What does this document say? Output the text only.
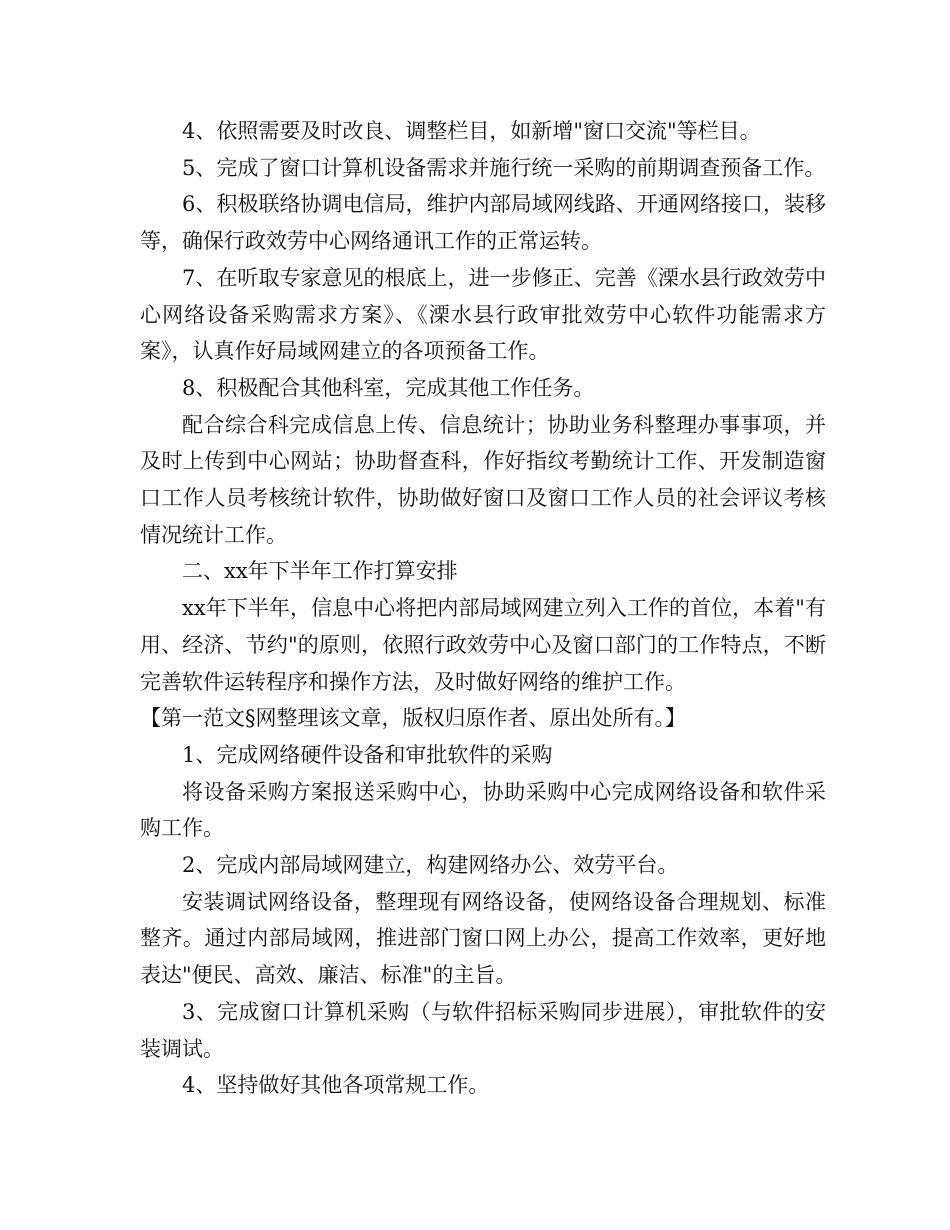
4、依照需要及时改良、调整栏目，如新增"窗口交流"等栏目。

5、完成了窗口计算机设备需求并施行统一采购的前期调查预备工作。

6、积极联络协调电信局，维护内部局域网线路、开通网络接口，装移等，确保行政效劳中心网络通讯工作的正常运转。

7、在听取专家意见的根底上，进一步修正、完善《溧水县行政效劳中心网络设备采购需求方案》、《溧水县行政审批效劳中心软件功能需求方案》，认真作好局域网建立的各项预备工作。

8、积极配合其他科室，完成其他工作任务。

配合综合科完成信息上传、信息统计；协助业务科整理办事事项，并及时上传到中心网站；协助督查科，作好指纹考勤统计工作、开发制造窗口工作人员考核统计软件，协助做好窗口及窗口工作人员的社会评议考核情况统计工作。

二、xx年下半年工作打算安排

xx年下半年，信息中心将把内部局域网建立列入工作的首位，本着"有用、经济、节约"的原则，依照行政效劳中心及窗口部门的工作特点，不断完善软件运转程序和操作方法，及时做好网络的维护工作。

【第一范文§网整理该文章，版权归原作者、原出处所有。】

1、完成网络硬件设备和审批软件的采购

将设备采购方案报送采购中心，协助采购中心完成网络设备和软件采购工作。

2、完成内部局域网建立，构建网络办公、效劳平台。

安装调试网络设备，整理现有网络设备，使网络设备合理规划、标准整齐。通过内部局域网，推进部门窗口网上办公，提高工作效率，更好地表达"便民、高效、廉洁、标准"的主旨。

3、完成窗口计算机采购（与软件招标采购同步进展），审批软件的安装调试。

4、坚持做好其他各项常规工作。
